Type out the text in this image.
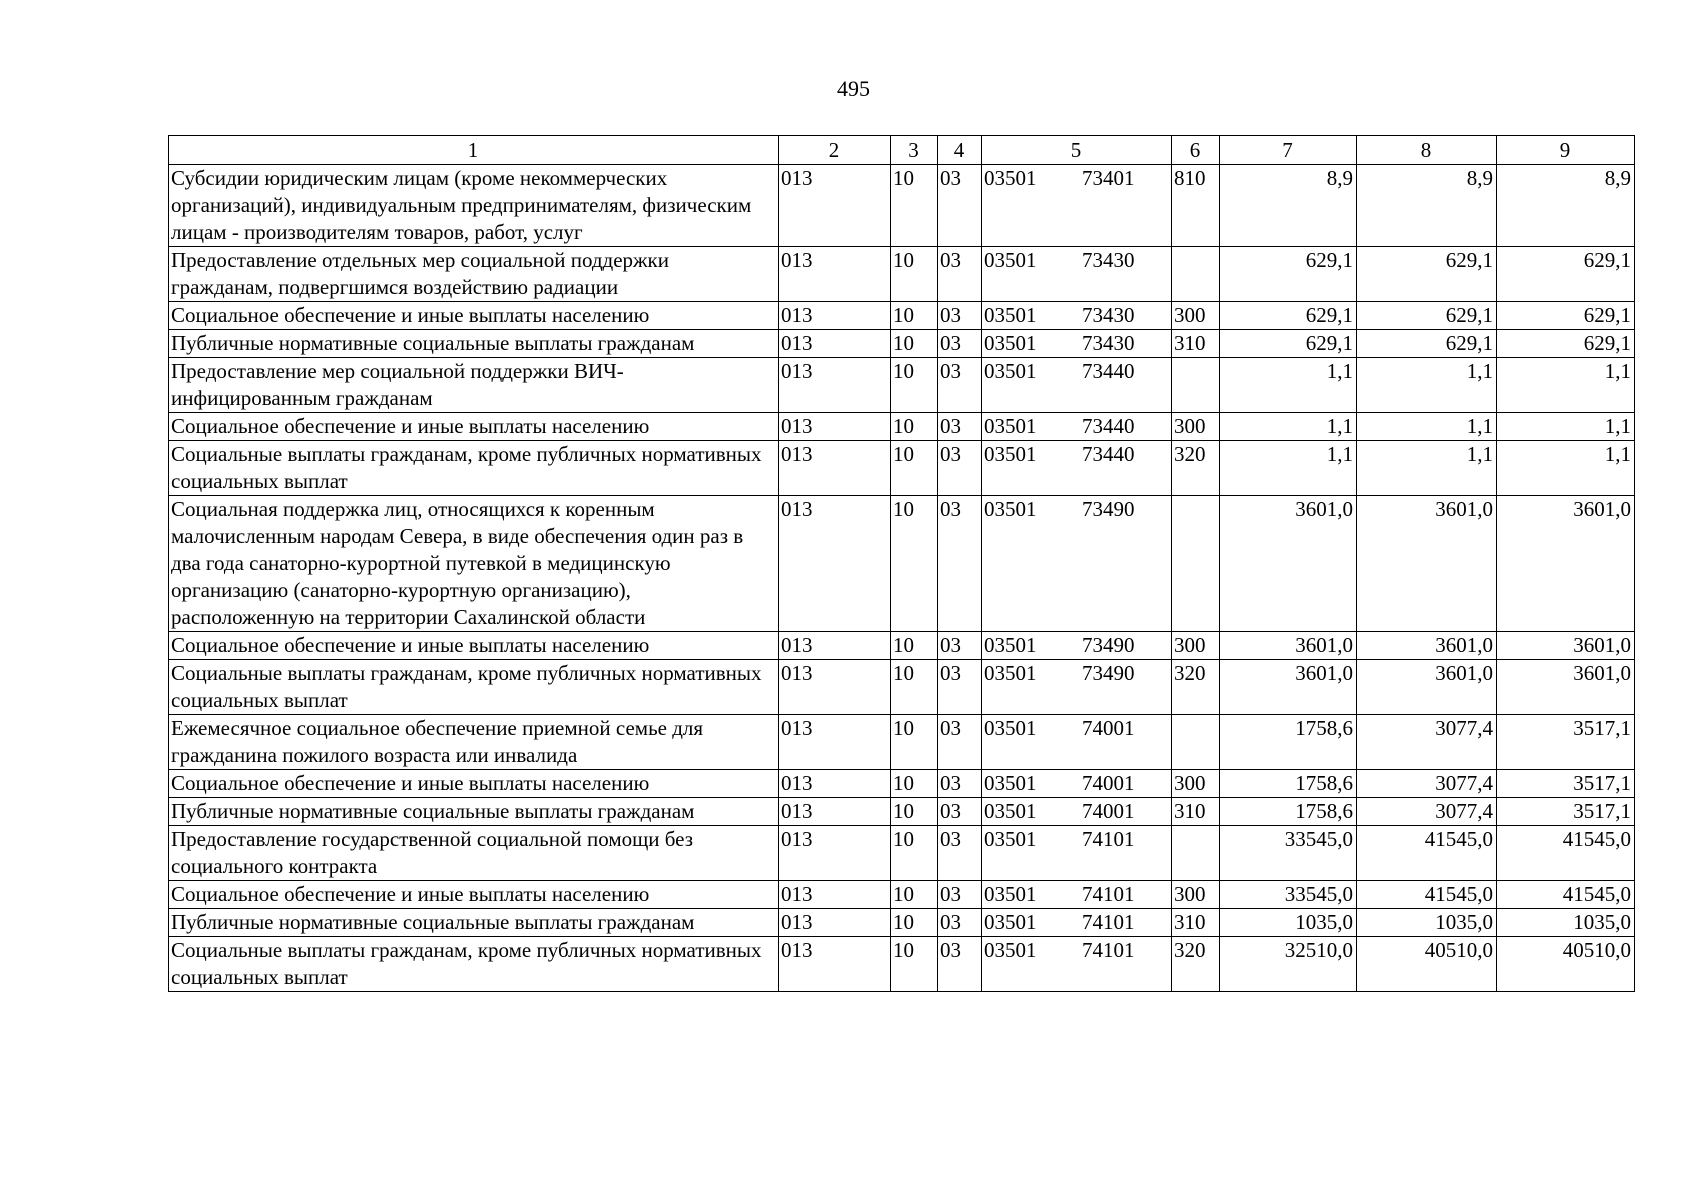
495
1	2	3	4	5	6	7	8	9
Субсидии юридическим лицам (кроме некоммерческих организаций), индивидуальным предпринимателям, физическим лицам - производителям товаров, работ, услуг	013	10	03	03501 73401	810	8,9	8,9	8,9
Предоставление отдельных мер социальной поддержки гражданам, подвергшимся воздействию радиации	013	10	03	03501 73430		629,1	629,1	629,1
Социальное обеспечение и иные выплаты населению	013	10	03	03501 73430	300	629,1	629,1	629,1
Публичные нормативные социальные выплаты гражданам	013	10	03	03501 73430	310	629,1	629,1	629,1
Предоставление мер социальной поддержки ВИЧ-инфицированным гражданам	013	10	03	03501 73440		1,1	1,1	1,1
Социальное обеспечение и иные выплаты населению	013	10	03	03501 73440	300	1,1	1,1	1,1
Социальные выплаты гражданам, кроме публичных нормативных социальных выплат	013	10	03	03501 73440	320	1,1	1,1	1,1
Социальная поддержка лиц, относящихся к коренным малочисленным народам Севера, в виде обеспечения один раз в два года санаторно-курортной путевкой в медицинскую организацию (санаторно-курортную организацию), расположенную на территории Сахалинской области	013	10	03	03501 73490		3601,0	3601,0	3601,0
Социальное обеспечение и иные выплаты населению	013	10	03	03501 73490	300	3601,0	3601,0	3601,0
Социальные выплаты гражданам, кроме публичных нормативных социальных выплат	013	10	03	03501 73490	320	3601,0	3601,0	3601,0
Ежемесячное социальное обеспечение приемной семье для гражданина пожилого возраста или инвалида	013	10	03	03501 74001		1758,6	3077,4	3517,1
Социальное обеспечение и иные выплаты населению	013	10	03	03501 74001	300	1758,6	3077,4	3517,1
Публичные нормативные социальные выплаты гражданам	013	10	03	03501 74001	310	1758,6	3077,4	3517,1
Предоставление государственной социальной помощи без социального контракта	013	10	03	03501 74101		33545,0	41545,0	41545,0
Социальное обеспечение и иные выплаты населению	013	10	03	03501 74101	300	33545,0	41545,0	41545,0
Публичные нормативные социальные выплаты гражданам	013	10	03	03501 74101	310	1035,0	1035,0	1035,0
Социальные выплаты гражданам, кроме публичных нормативных социальных выплат	013	10	03	03501 74101	320	32510,0	40510,0	40510,0
